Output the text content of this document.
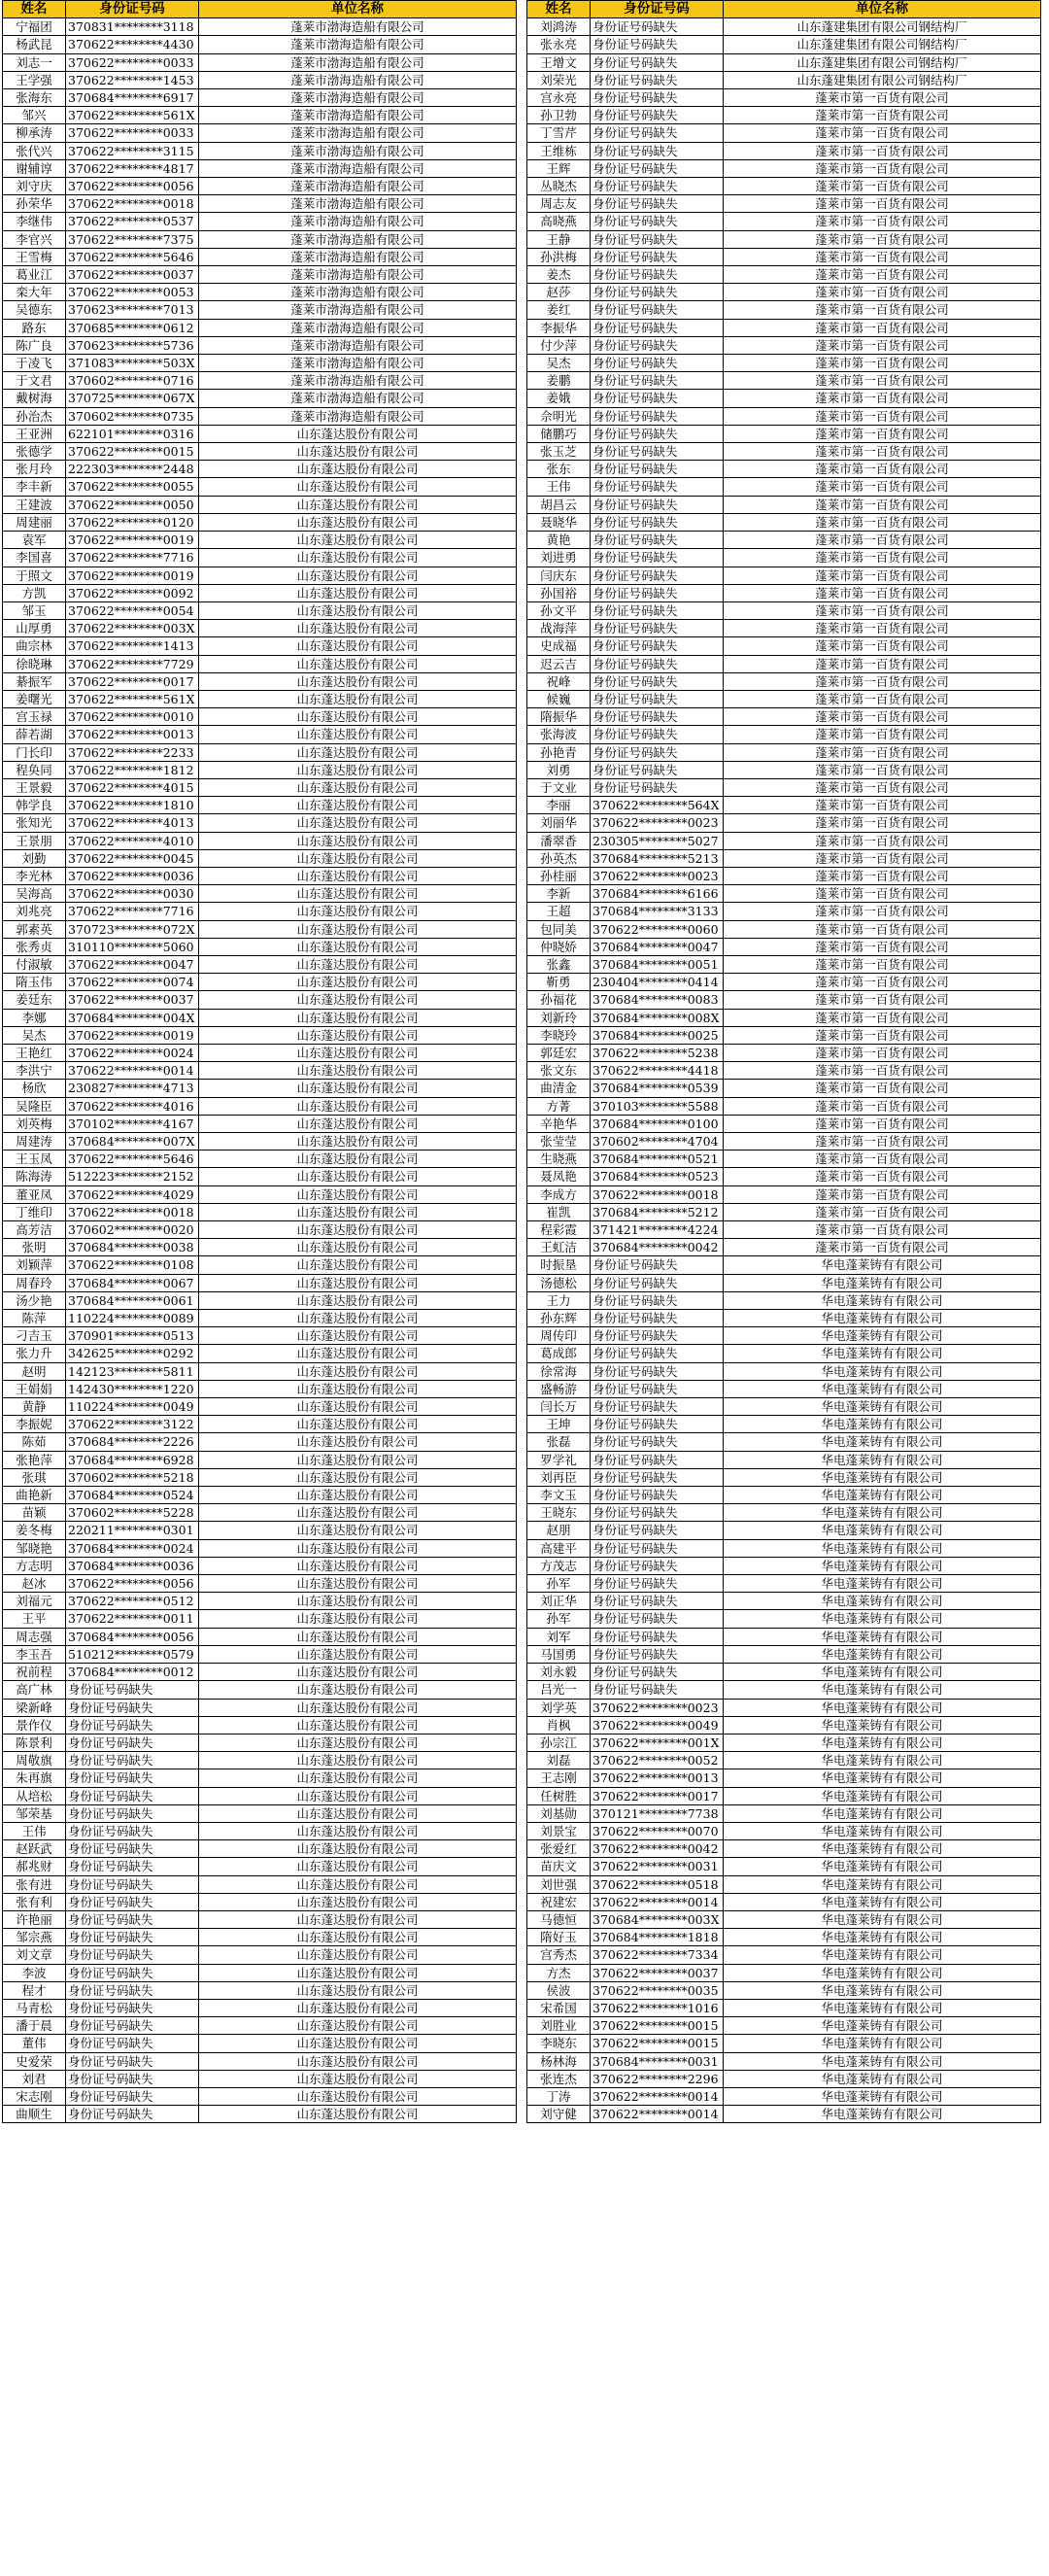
姓名	身份证号码	单位名称
宁福团	370831********3118	蓬莱市渤海造船有限公司
杨武昆	370622********4430	蓬莱市渤海造船有限公司
刘志一	370622********0033	蓬莱市渤海造船有限公司
王学强	370622********1453	蓬莱市渤海造船有限公司
张海东	370684********6917	蓬莱市渤海造船有限公司
邹兴	370622********561X	蓬莱市渤海造船有限公司
柳承涛	370622********0033	蓬莱市渤海造船有限公司
张代兴	370622********3115	蓬莱市渤海造船有限公司
谢辅谆	370622********4817	蓬莱市渤海造船有限公司
刘守庆	370622********0056	蓬莱市渤海造船有限公司
孙荣华	370622********0018	蓬莱市渤海造船有限公司
李继伟	370622********0537	蓬莱市渤海造船有限公司
李官兴	370622********7375	蓬莱市渤海造船有限公司
王雪梅	370622********5646	蓬莱市渤海造船有限公司
葛业江	370622********0037	蓬莱市渤海造船有限公司
栾大年	370622********0053	蓬莱市渤海造船有限公司
吴德东	370623********7013	蓬莱市渤海造船有限公司
路东	370685********0612	蓬莱市渤海造船有限公司
陈广良	370623********5736	蓬莱市渤海造船有限公司
于凌飞	371083********503X	蓬莱市渤海造船有限公司
于文君	370602********0716	蓬莱市渤海造船有限公司
戴树海	370725********067X	蓬莱市渤海造船有限公司
孙治杰	370602********0735	蓬莱市渤海造船有限公司
王亚洲	622101********0316	山东蓬达股份有限公司
张德学	370622********0015	山东蓬达股份有限公司
张月玲	222303********2448	山东蓬达股份有限公司
李丰新	370622********0055	山东蓬达股份有限公司
王建波	370622********0050	山东蓬达股份有限公司
周建丽	370622********0120	山东蓬达股份有限公司
袁军	370622********0019	山东蓬达股份有限公司
李国喜	370622********7716	山东蓬达股份有限公司
于照文	370622********0019	山东蓬达股份有限公司
方凯	370622********0092	山东蓬达股份有限公司
邹玉	370622********0054	山东蓬达股份有限公司
山厚勇	370622********003X	山东蓬达股份有限公司
曲宗林	370622********1413	山东蓬达股份有限公司
徐晓琳	370622********7729	山东蓬达股份有限公司
綦振军	370622********0017	山东蓬达股份有限公司
姜曙光	370622********561X	山东蓬达股份有限公司
宫玉禄	370622********0010	山东蓬达股份有限公司
薛若湖	370622********0013	山东蓬达股份有限公司
门长印	370622********2233	山东蓬达股份有限公司
程奂同	370622********1812	山东蓬达股份有限公司
王景毅	370622********4015	山东蓬达股份有限公司
韩学良	370622********1810	山东蓬达股份有限公司
张知光	370622********4013	山东蓬达股份有限公司
王景朋	370622********4010	山东蓬达股份有限公司
刘勤	370622********0045	山东蓬达股份有限公司
李光林	370622********0036	山东蓬达股份有限公司
吴海高	370622********0030	山东蓬达股份有限公司
刘兆亮	370622********7716	山东蓬达股份有限公司
郭素英	370723********072X	山东蓬达股份有限公司
张秀贞	310110********5060	山东蓬达股份有限公司
付淑敏	370622********0047	山东蓬达股份有限公司
隋玉伟	370622********0074	山东蓬达股份有限公司
姜廷东	370622********0037	山东蓬达股份有限公司
李娜	370684********004X	山东蓬达股份有限公司
吴杰	370622********0019	山东蓬达股份有限公司
王艳红	370622********0024	山东蓬达股份有限公司
李洪宁	370622********0014	山东蓬达股份有限公司
杨欣	230827********4713	山东蓬达股份有限公司
吴隆臣	370622********4016	山东蓬达股份有限公司
刘英梅	370102********4167	山东蓬达股份有限公司
周建涛	370684********007X	山东蓬达股份有限公司
王玉凤	370622********5646	山东蓬达股份有限公司
陈海涛	512223********2152	山东蓬达股份有限公司
董亚凤	370622********4029	山东蓬达股份有限公司
丁维印	370622********0018	山东蓬达股份有限公司
高芳洁	370602********0020	山东蓬达股份有限公司
张明	370684********0038	山东蓬达股份有限公司
刘颖萍	370622********0108	山东蓬达股份有限公司
周春玲	370684********0067	山东蓬达股份有限公司
汤少艳	370684********0061	山东蓬达股份有限公司
陈萍	110224********0089	山东蓬达股份有限公司
刁吉玉	370901********0513	山东蓬达股份有限公司
张力升	342625********0292	山东蓬达股份有限公司
赵明	142123********5811	山东蓬达股份有限公司
王娟娟	142430********1220	山东蓬达股份有限公司
黄静	110224********0049	山东蓬达股份有限公司
李振妮	370622********3122	山东蓬达股份有限公司
陈茹	370684********2226	山东蓬达股份有限公司
张艳萍	370684********6928	山东蓬达股份有限公司
张琪	370602********5218	山东蓬达股份有限公司
曲艳新	370684********0524	山东蓬达股份有限公司
苗颖	370602********5228	山东蓬达股份有限公司
姜冬梅	220211********0301	山东蓬达股份有限公司
邹晓艳	370684********0024	山东蓬达股份有限公司
方志明	370684********0036	山东蓬达股份有限公司
赵冰	370622********0056	山东蓬达股份有限公司
刘福元	370622********0512	山东蓬达股份有限公司
王平	370622********0011	山东蓬达股份有限公司
周志强	370684********0056	山东蓬达股份有限公司
李玉吾	510212********0579	山东蓬达股份有限公司
祝前程	370684********0012	山东蓬达股份有限公司
高广林	身份证号码缺失	山东蓬达股份有限公司
梁新峰	身份证号码缺失	山东蓬达股份有限公司
景作仪	身份证号码缺失	山东蓬达股份有限公司
陈景利	身份证号码缺失	山东蓬达股份有限公司
周敬旗	身份证号码缺失	山东蓬达股份有限公司
朱再旗	身份证号码缺失	山东蓬达股份有限公司
从培松	身份证号码缺失	山东蓬达股份有限公司
邹荣基	身份证号码缺失	山东蓬达股份有限公司
王伟	身份证号码缺失	山东蓬达股份有限公司
赵跃武	身份证号码缺失	山东蓬达股份有限公司
郝兆财	身份证号码缺失	山东蓬达股份有限公司
张有进	身份证号码缺失	山东蓬达股份有限公司
张有利	身份证号码缺失	山东蓬达股份有限公司
许艳丽	身份证号码缺失	山东蓬达股份有限公司
邹宗燕	身份证号码缺失	山东蓬达股份有限公司
刘文章	身份证号码缺失	山东蓬达股份有限公司
李波	身份证号码缺失	山东蓬达股份有限公司
程才	身份证号码缺失	山东蓬达股份有限公司
马青松	身份证号码缺失	山东蓬达股份有限公司
潘于晨	身份证号码缺失	山东蓬达股份有限公司
董伟	身份证号码缺失	山东蓬达股份有限公司
史爱荣	身份证号码缺失	山东蓬达股份有限公司
刘君	身份证号码缺失	山东蓬达股份有限公司
宋志刚	身份证号码缺失	山东蓬达股份有限公司
曲顺生	身份证号码缺失	山东蓬达股份有限公司
姓名	身份证号码	单位名称
刘鸿涛	身份证号码缺失	山东蓬建集团有限公司钢结构厂
张永亮	身份证号码缺失	山东蓬建集团有限公司钢结构厂
王增文	身份证号码缺失	山东蓬建集团有限公司钢结构厂
刘荣光	身份证号码缺失	山东蓬建集团有限公司钢结构厂
宫永亮	身份证号码缺失	蓬莱市第一百货有限公司
孙卫勃	身份证号码缺失	蓬莱市第一百货有限公司
丁雪芹	身份证号码缺失	蓬莱市第一百货有限公司
王维栋	身份证号码缺失	蓬莱市第一百货有限公司
王辉	身份证号码缺失	蓬莱市第一百货有限公司
丛晓杰	身份证号码缺失	蓬莱市第一百货有限公司
周志友	身份证号码缺失	蓬莱市第一百货有限公司
高晓燕	身份证号码缺失	蓬莱市第一百货有限公司
王静	身份证号码缺失	蓬莱市第一百货有限公司
孙洪梅	身份证号码缺失	蓬莱市第一百货有限公司
姜杰	身份证号码缺失	蓬莱市第一百货有限公司
赵莎	身份证号码缺失	蓬莱市第一百货有限公司
姜红	身份证号码缺失	蓬莱市第一百货有限公司
李振华	身份证号码缺失	蓬莱市第一百货有限公司
付少萍	身份证号码缺失	蓬莱市第一百货有限公司
吴杰	身份证号码缺失	蓬莱市第一百货有限公司
姜鹏	身份证号码缺失	蓬莱市第一百货有限公司
姜娥	身份证号码缺失	蓬莱市第一百货有限公司
佘明光	身份证号码缺失	蓬莱市第一百货有限公司
储鹏巧	身份证号码缺失	蓬莱市第一百货有限公司
张玉芝	身份证号码缺失	蓬莱市第一百货有限公司
张东	身份证号码缺失	蓬莱市第一百货有限公司
王伟	身份证号码缺失	蓬莱市第一百货有限公司
胡昌云	身份证号码缺失	蓬莱市第一百货有限公司
聂晓华	身份证号码缺失	蓬莱市第一百货有限公司
黄艳	身份证号码缺失	蓬莱市第一百货有限公司
刘进勇	身份证号码缺失	蓬莱市第一百货有限公司
闫庆东	身份证号码缺失	蓬莱市第一百货有限公司
孙国裕	身份证号码缺失	蓬莱市第一百货有限公司
孙文平	身份证号码缺失	蓬莱市第一百货有限公司
战海萍	身份证号码缺失	蓬莱市第一百货有限公司
史成福	身份证号码缺失	蓬莱市第一百货有限公司
迟云吉	身份证号码缺失	蓬莱市第一百货有限公司
祝峰	身份证号码缺失	蓬莱市第一百货有限公司
候巍	身份证号码缺失	蓬莱市第一百货有限公司
隋振华	身份证号码缺失	蓬莱市第一百货有限公司
张海波	身份证号码缺失	蓬莱市第一百货有限公司
孙艳青	身份证号码缺失	蓬莱市第一百货有限公司
刘勇	身份证号码缺失	蓬莱市第一百货有限公司
于文业	身份证号码缺失	蓬莱市第一百货有限公司
李丽	370622********564X	蓬莱市第一百货有限公司
刘丽华	370622********0023	蓬莱市第一百货有限公司
潘翠香	230305********5027	蓬莱市第一百货有限公司
孙英杰	370684********5213	蓬莱市第一百货有限公司
孙桂丽	370622********0023	蓬莱市第一百货有限公司
李新	370684********6166	蓬莱市第一百货有限公司
王超	370684********3133	蓬莱市第一百货有限公司
包同美	370622********0060	蓬莱市第一百货有限公司
仲晓娇	370684********0047	蓬莱市第一百货有限公司
张鑫	370684********0051	蓬莱市第一百货有限公司
靳勇	230404********0414	蓬莱市第一百货有限公司
孙福花	370684********0083	蓬莱市第一百货有限公司
刘新玲	370684********008X	蓬莱市第一百货有限公司
李晓玲	370684********0025	蓬莱市第一百货有限公司
郭廷宏	370622********5238	蓬莱市第一百货有限公司
张文东	370622********4418	蓬莱市第一百货有限公司
曲清金	370684********0539	蓬莱市第一百货有限公司
方菁	370103********5588	蓬莱市第一百货有限公司
辛艳华	370684********0100	蓬莱市第一百货有限公司
张莹莹	370602********4704	蓬莱市第一百货有限公司
生晓燕	370684********0521	蓬莱市第一百货有限公司
聂凤艳	370684********0523	蓬莱市第一百货有限公司
李成方	370622********0018	蓬莱市第一百货有限公司
崔凯	370684********5212	蓬莱市第一百货有限公司
程彩霞	371421********4224	蓬莱市第一百货有限公司
王虹洁	370684********0042	蓬莱市第一百货有限公司
时振垦	身份证号码缺失	华电蓬莱铸有有限公司
汤德松	身份证号码缺失	华电蓬莱铸有有限公司
王力	身份证号码缺失	华电蓬莱铸有有限公司
孙东辉	身份证号码缺失	华电蓬莱铸有有限公司
周传印	身份证号码缺失	华电蓬莱铸有有限公司
葛成郎	身份证号码缺失	华电蓬莱铸有有限公司
徐常海	身份证号码缺失	华电蓬莱铸有有限公司
盛畅游	身份证号码缺失	华电蓬莱铸有有限公司
闫长万	身份证号码缺失	华电蓬莱铸有有限公司
王坤	身份证号码缺失	华电蓬莱铸有有限公司
张磊	身份证号码缺失	华电蓬莱铸有有限公司
罗学礼	身份证号码缺失	华电蓬莱铸有有限公司
刘再臣	身份证号码缺失	华电蓬莱铸有有限公司
李文玉	身份证号码缺失	华电蓬莱铸有有限公司
王晓东	身份证号码缺失	华电蓬莱铸有有限公司
赵朋	身份证号码缺失	华电蓬莱铸有有限公司
高建平	身份证号码缺失	华电蓬莱铸有有限公司
方茂志	身份证号码缺失	华电蓬莱铸有有限公司
孙军	身份证号码缺失	华电蓬莱铸有有限公司
刘正华	身份证号码缺失	华电蓬莱铸有有限公司
孙军	身份证号码缺失	华电蓬莱铸有有限公司
刘军	身份证号码缺失	华电蓬莱铸有有限公司
马国勇	身份证号码缺失	华电蓬莱铸有有限公司
刘永毅	身份证号码缺失	华电蓬莱铸有有限公司
吕光一	身份证号码缺失	华电蓬莱铸有有限公司
刘学英	370622********0023	华电蓬莱铸有有限公司
肖枫	370622********0049	华电蓬莱铸有有限公司
孙宗江	370622********001X	华电蓬莱铸有有限公司
刘磊	370622********0052	华电蓬莱铸有有限公司
王志刚	370622********0013	华电蓬莱铸有有限公司
任树胜	370622********0017	华电蓬莱铸有有限公司
刘基勋	370121********7738	华电蓬莱铸有有限公司
刘景宝	370622********0070	华电蓬莱铸有有限公司
张爱红	370622********0042	华电蓬莱铸有有限公司
苗庆文	370622********0031	华电蓬莱铸有有限公司
刘世强	370622********0518	华电蓬莱铸有有限公司
祝建宏	370622********0014	华电蓬莱铸有有限公司
马德恒	370684********003X	华电蓬莱铸有有限公司
隋好玉	370684********1818	华电蓬莱铸有有限公司
宫秀杰	370622********7334	华电蓬莱铸有有限公司
方杰	370622********0037	华电蓬莱铸有有限公司
侯波	370622********0035	华电蓬莱铸有有限公司
宋希国	370622********1016	华电蓬莱铸有有限公司
刘胜业	370622********0015	华电蓬莱铸有有限公司
李晓东	370622********0015	华电蓬莱铸有有限公司
杨林海	370684********0031	华电蓬莱铸有有限公司
张连杰	370622********2296	华电蓬莱铸有有限公司
丁涛	370622********0014	华电蓬莱铸有有限公司
刘守健	370622********0014	华电蓬莱铸有有限公司
